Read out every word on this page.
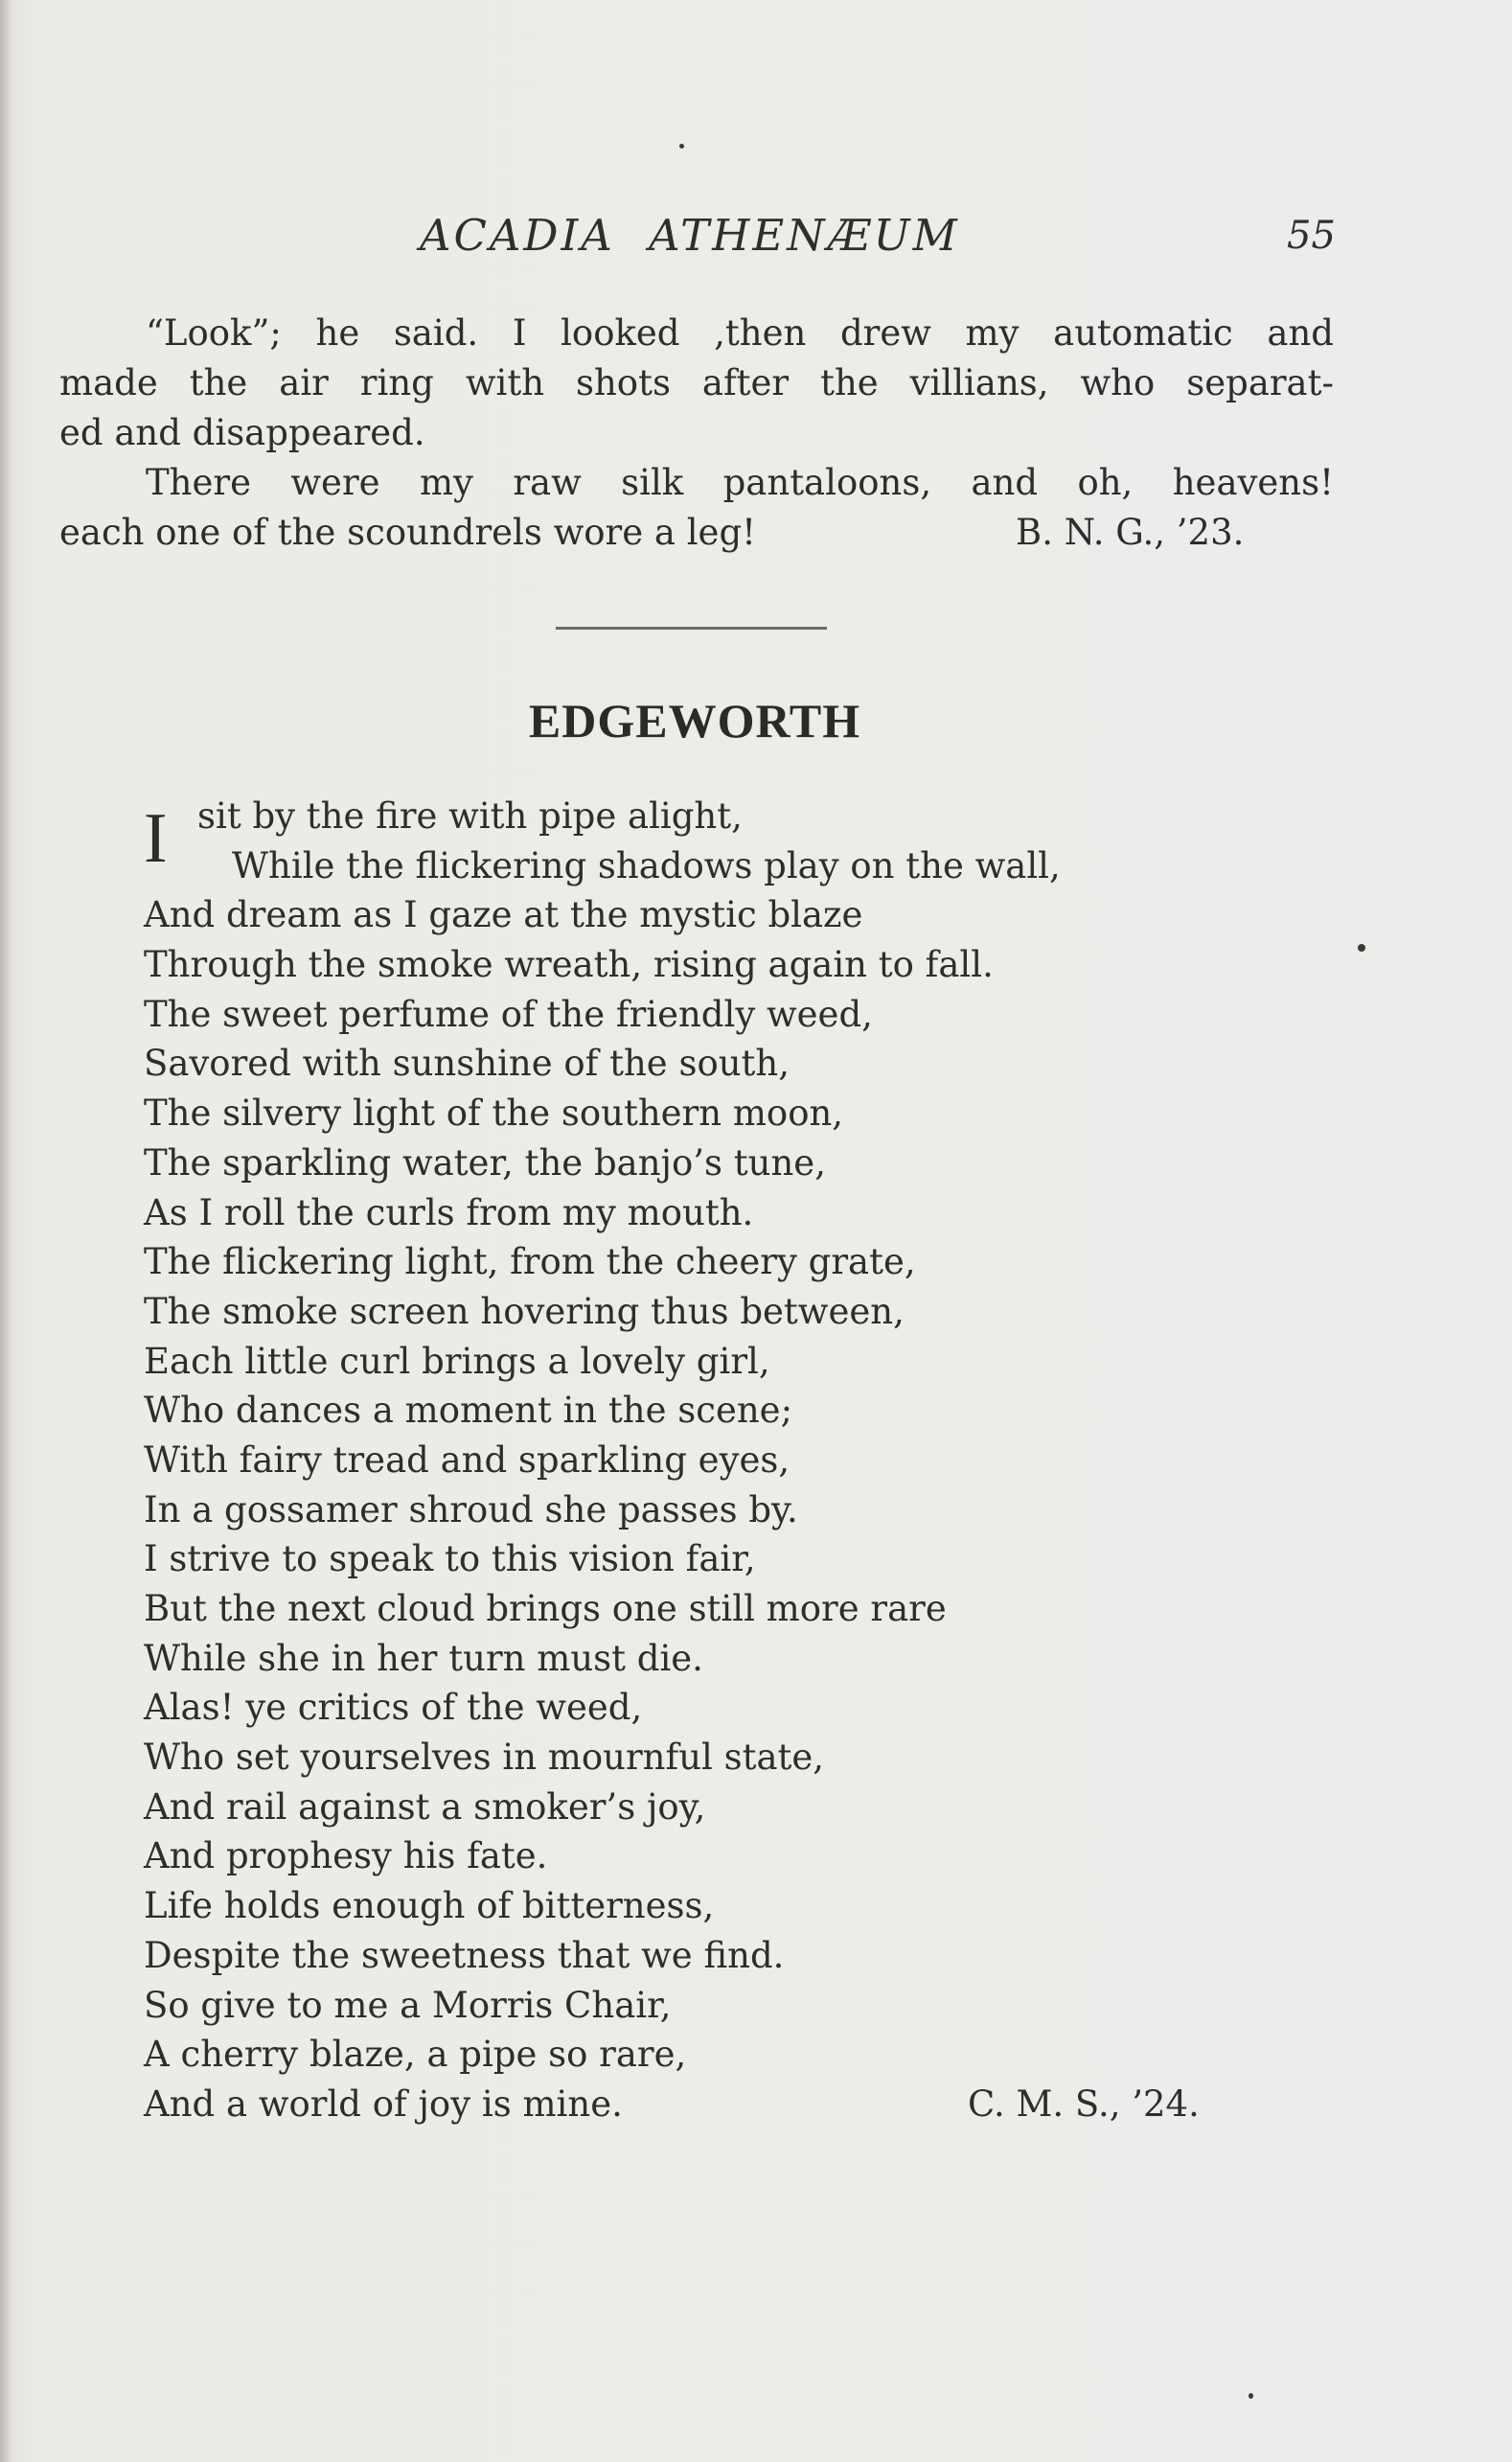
ACADIA ATHENÆUM	55
“Look”; he said. I looked ,then drew my automatic and
made the air ring with shots after the villians, who separat-
ed and disappeared.
There were my raw silk pantaloons, and oh, heavens!
each one of the scoundrels wore a leg!	B. N. G., ’23.
EDGEWORTH
I sit by the fire with pipe alight,
While the flickering shadows play on the wall,
And dream as I gaze at the mystic blaze
Through the smoke wreath, rising again to fall.
The sweet perfume of the friendly weed,
Savored with sunshine of the south,
The silvery light of the southern moon,
The sparkling water, the banjo’s tune,
As I roll the curls from my mouth.
The flickering light, from the cheery grate,
The smoke screen hovering thus between,
Each little curl brings a lovely girl,
Who dances a moment in the scene;
With fairy tread and sparkling eyes,
In a gossamer shroud she passes by.
I strive to speak to this vision fair,
But the next cloud brings one still more rare
While she in her turn must die.
Alas! ye critics of the weed,
Who set yourselves in mournful state,
And rail against a smoker’s joy,
And prophesy his fate.
Life holds enough of bitterness,
Despite the sweetness that we find.
So give to me a Morris Chair,
A cherry blaze, a pipe so rare,
And a world of joy is mine.	C. M. S., ’24.
